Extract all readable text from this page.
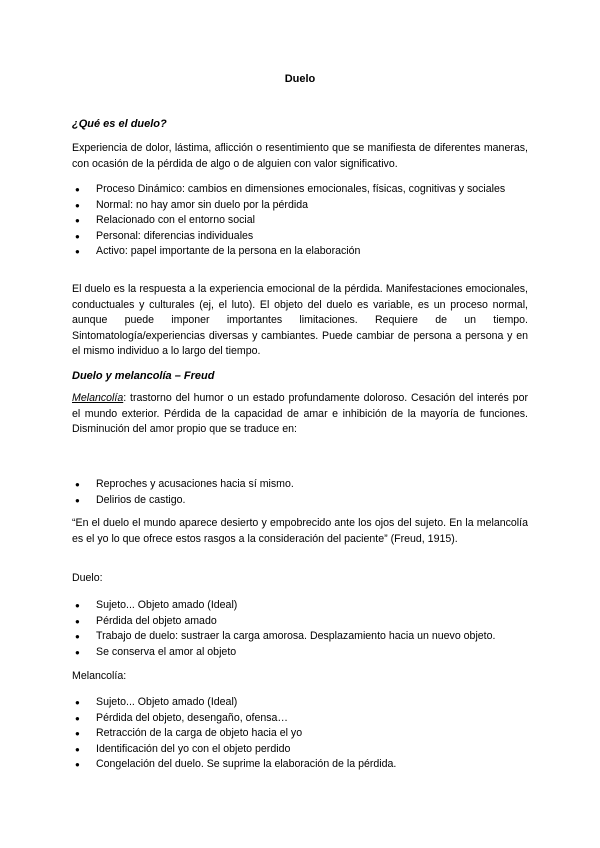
Duelo
¿Qué es el duelo?
Experiencia de dolor, lástima, aflicción o resentimiento que se manifiesta de diferentes maneras, con ocasión de la pérdida de algo o de alguien con valor significativo.
● Proceso Dinámico: cambios en dimensiones emocionales, físicas, cognitivas y sociales
● Normal: no hay amor sin duelo por la pérdida
● Relacionado con el entorno social
● Personal: diferencias individuales
● Activo: papel importante de la persona en la elaboración
El duelo es la respuesta a la experiencia emocional de la pérdida. Manifestaciones emocionales, conductuales y culturales (ej, el luto). El objeto del duelo es variable, es un proceso normal, aunque puede imponer importantes limitaciones. Requiere de un tiempo. Sintomatología/experiencias diversas y cambiantes. Puede cambiar de persona a persona y en el mismo individuo a lo largo del tiempo.
Duelo y melancolía – Freud
Melancolía: trastorno del humor o un estado profundamente doloroso. Cesación del interés por el mundo exterior. Pérdida de la capacidad de amar e inhibición de la mayoría de funciones. Disminución del amor propio que se traduce en:
● Reproches y acusaciones hacia sí mismo.
● Delirios de castigo.
“En el duelo el mundo aparece desierto y empobrecido ante los ojos del sujeto. En la melancolía es el yo lo que ofrece estos rasgos a la consideración del paciente” (Freud, 1915).
Duelo:
● Sujeto... Objeto amado (Ideal)
● Pérdida del objeto amado
● Trabajo de duelo: sustraer la carga amorosa. Desplazamiento hacia un nuevo objeto.
● Se conserva el amor al objeto
Melancolía:
● Sujeto... Objeto amado (Ideal)
● Pérdida del objeto, desengaño, ofensa…
● Retracción de la carga de objeto hacia el yo
● Identificación del yo con el objeto perdido
● Congelación del duelo. Se suprime la elaboración de la pérdida.
